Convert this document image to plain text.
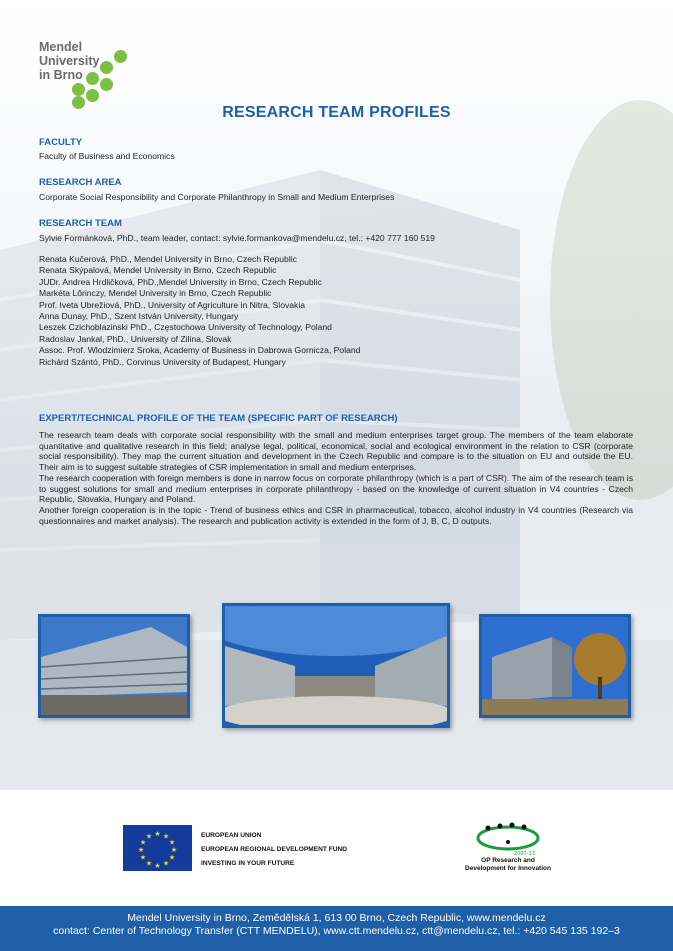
Mendel
University
in Brno
RESEARCH TEAM PROFILES
FACULTY
Faculty of Business and Economics
RESEARCH AREA
Corporate Social Responsibility and Corporate Philanthropy in Small and Medium Enterprises
RESEARCH TEAM
Sylvie Formánková, PhD., team leader, contact: sylvie.formankova@mendelu.cz, tel.: +420 777 160 519
Renata Kučerová, PhD., Mendel University in Brno, Czech Republic
Renata Skýpalová, Mendel University in Brno, Czech Republic
JUDr. Andrea Hrdličková, PhD.,Mendel University in Brno, Czech Republic
Markéta Lőrinczy, Mendel University in Brno, Czech Republic
Prof. Iveta Ubrežiová, PhD., University of Agriculture in Nitra, Slovakia
Anna Dunay, PhD., Szent István University, Hungary
Leszek Czichoblazinski PhD., Częstochowa University of Technology, Poland
Radoslav Jankal, PhD., University of Zilina, Slovak
Assoc. Prof. Wlodzimierz Sroka, Academy of Business in Dabrowa Gornicza, Poland
Richárd Szántó, PhD., Corvinus University of Budapest, Hungary
EXPERT/TECHNICAL PROFILE OF THE TEAM (SPECIFIC PART OF RESEARCH)
The research team deals with corporate social responsibility with the small and medium enterprises target group. The members of the team elaborate quantitative and qualitative research in this field; analyse legal, political, economical, social and ecological environment in the relation to CSR (corporate social responsibility). They map the current situation and development in the Czech Republic and compare is to the situation on EU and outside the EU. Their aim is to suggest suitable strategies of CSR implementation in small and medium enterprises.
The research cooperation with foreign members is done in narrow focus on corporate philanthropy (which is a part of CSR). The aim of the research team is to suggest solutions for small and medium enterprises in corporate philanthropy - based on the knowledge of current situation in V4 countries - Czech Republic, Slovakia, Hungary and Poland.
Another foreign cooperation is in the topic - Trend of business ethics and CSR in pharmaceutical, tobacco, alcohol industry in V4 countries (Research via questionnaires and market analysis). The research and publication activity is extended in the form of J, B, C, D outputs.
★ ★
★
★
★
★
★
★
★
★
★
★	EUROPEAN UNION
EUROPEAN REGIONAL DEVELOPMENT FUND
INVESTING IN YOUR FUTURE
2007-13
OP Research and
Development for Innovation
Mendel University in Brno, Zemědělská 1, 613 00 Brno, Czech Republic, www.mendelu.cz
contact: Center of Technology Transfer (CTT MENDELU), www.ctt.mendelu.cz, ctt@mendelu.cz, tel.: +420 545 135 192–3
